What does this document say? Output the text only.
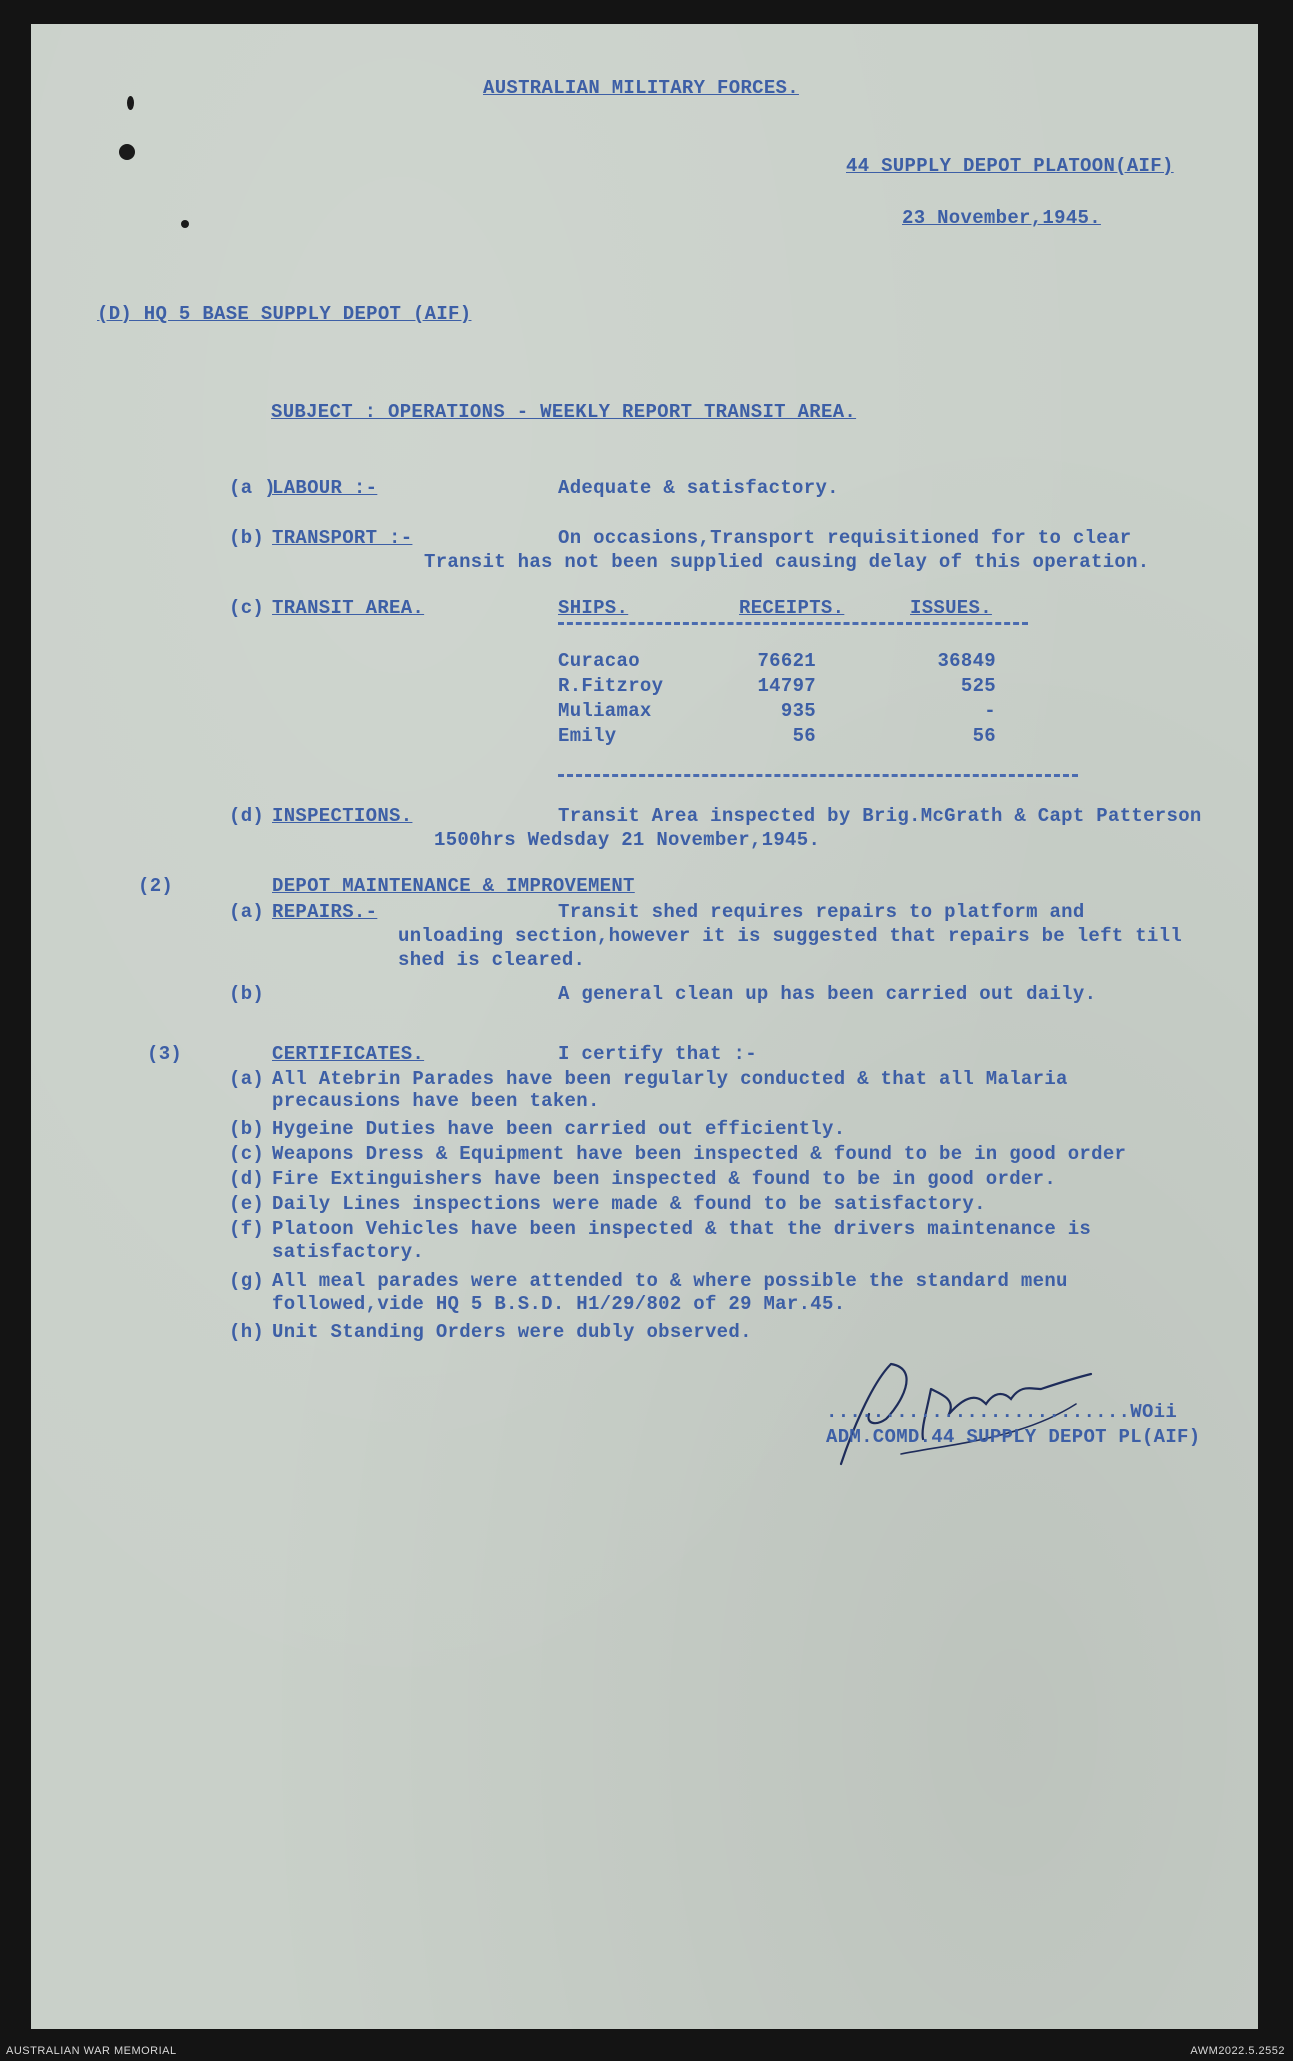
AUSTRALIAN MILITARY FORCES.
44 SUPPLY DEPOT PLATOON(AIF)
23 November,1945.
(D) HQ 5 BASE SUPPLY DEPOT (AIF)
SUBJECT : OPERATIONS - WEEKLY REPORT TRANSIT AREA.
(a )
LABOUR :-	Adequate & satisfactory.
(b) TRANSPORT :-	On occasions,Transport requisitioned for to clear
Transit has not been supplied causing delay of this operation.
(c) TRANSIT AREA.	SHIPS.	RECEIPTS.	ISSUES.
Curacao	76621	36849
R.Fitzroy	14797	525
Muliamax	935	-
Emily	56	56
(d) INSPECTIONS.	Transit Area inspected by Brig.McGrath & Capt Patterson
1500hrs Wedsday 21 November,1945.
(2)	DEPOT MAINTENANCE & IMPROVEMENT
(a) REPAIRS.-	Transit shed requires repairs to platform and
unloading section,however it is suggested that repairs be left till
shed is cleared.
(b)	A general clean up has been carried out daily.
(3)	CERTIFICATES.	I certify that :-
(a) All Atebrin Parades have been regularly conducted & that all Malaria
precausions have been taken.
(b) Hygeine Duties have been carried out efficiently.
(c) Weapons Dress & Equipment have been inspected & found to be in good order
(d) Fire Extinguishers have been inspected & found to be in good order.
(e) Daily Lines inspections were made & found to be satisfactory.
(f) Platoon Vehicles have been inspected & that the drivers maintenance is
satisfactory.
(g) All meal parades were attended to & where possible the standard menu
followed,vide HQ 5 B.S.D. H1/29/802 of 29 Mar.45.
(h) Unit Standing Orders were dubly observed.
..........................WOii
ADM.COMD.44 SUPPLY DEPOT PL(AIF)
AUSTRALIAN WAR MEMORIAL	AWM2022.5.2552
